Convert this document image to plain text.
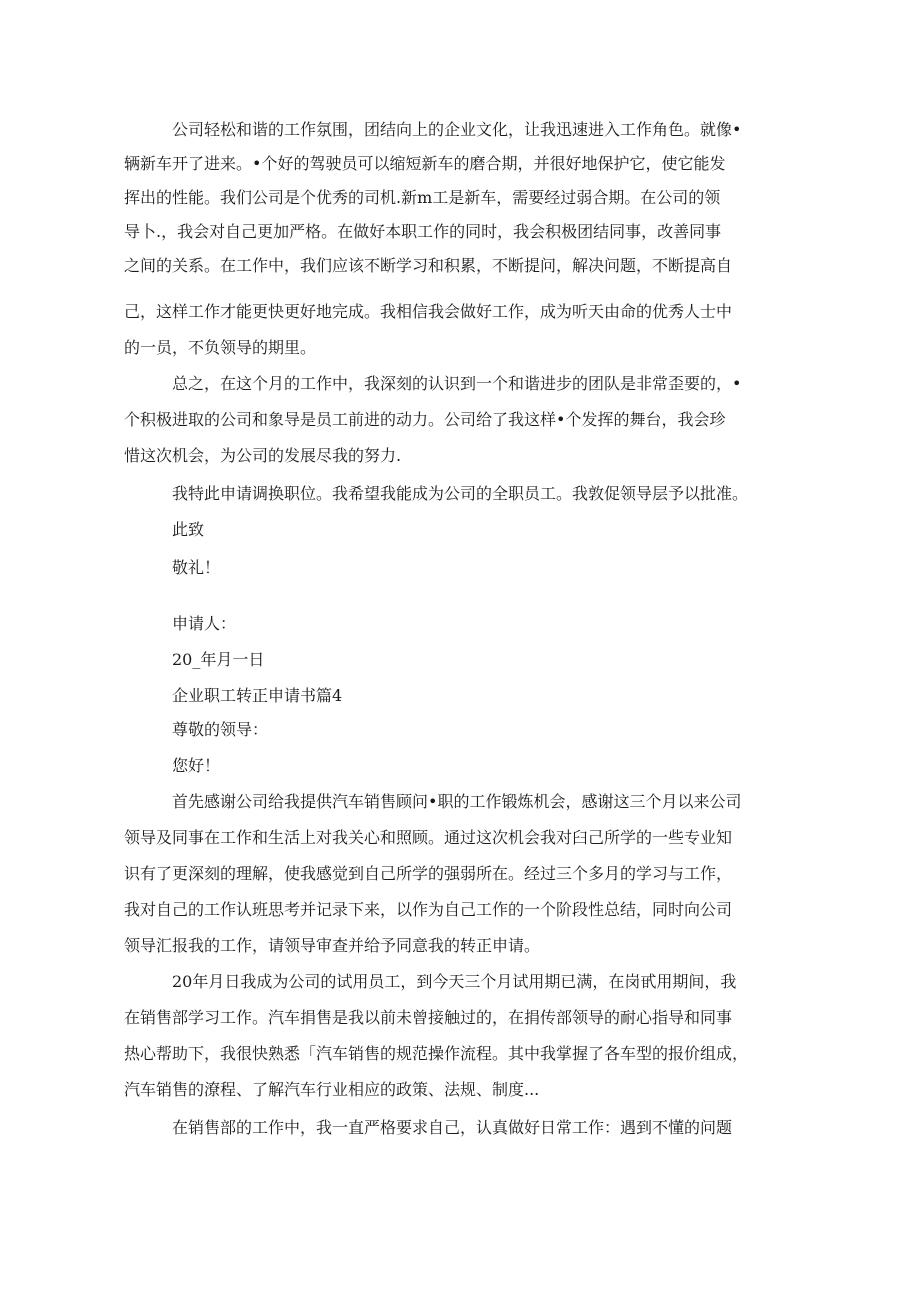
公司轻松和谐的工作氛围，团结向上的企业文化，让我迅速进入工作角色。就像•
辆新车开了进来。•个好的驾驶员可以缩短新车的磨合期，并很好地保护它，使它能发
挥出的性能。我们公司是个优秀的司机.新m工是新车，需要经过弱合期。在公司的领
导卜.，我会对自己更加严格。在做好本职工作的同时，我会积极团结同事，改善同事
之间的关系。在工作中，我们应该不断学习和积累，不断提问，解决问题，不断提高自
己，这样工作才能更快更好地完成。我相信我会做好工作，成为听天由命的优秀人士中
的一员，不负领导的期里。
总之，在这个月的工作中，我深刻的认识到一个和谐进步的团队是非常歪要的，•
个积极进取的公司和象导是员工前进的动力。公司给了我这样•个发挥的舞台，我会珍
惜这次机会，为公司的发展尽我的努力.
我特此申请调换职位。我希望我能成为公司的全职员工。我敦促领导层予以批准。
此致
敬礼！
申请人：
20_年月一日
企业职工转正申请书篇4
尊敬的领导：
您好！
首先感谢公司给我提供汽车销售顾问•职的工作锻炼机会，感谢这三个月以来公司
领导及同事在工作和生活上对我关心和照顾。通过这次机会我对臼己所学的一些专业知
识有了更深刻的理解，使我感觉到自己所学的强弱所在。经过三个多月的学习与工作，
我对自己的工作认班思考并记录下来，以作为自己工作的一个阶段性总结，同时向公司
领导汇报我的工作，请领导审查并给予同意我的转正申请。
20年月日我成为公司的试用员工，到今天三个月试用期已满，在岗甙用期间，我
在销售部学习工作。汽车捐售是我以前未曾接触过的，在捐传部领导的耐心指导和同事
热心帮助下，我很快熟悉「汽车销售的规范操作流程。其中我掌握了各车型的报价组成，
汽车销售的潦程、了解汽车行业相应的政策、法规、制度...
在销售部的工作中，我一直严格要求自己，认真做好日常工作：遇到不懂的问题
